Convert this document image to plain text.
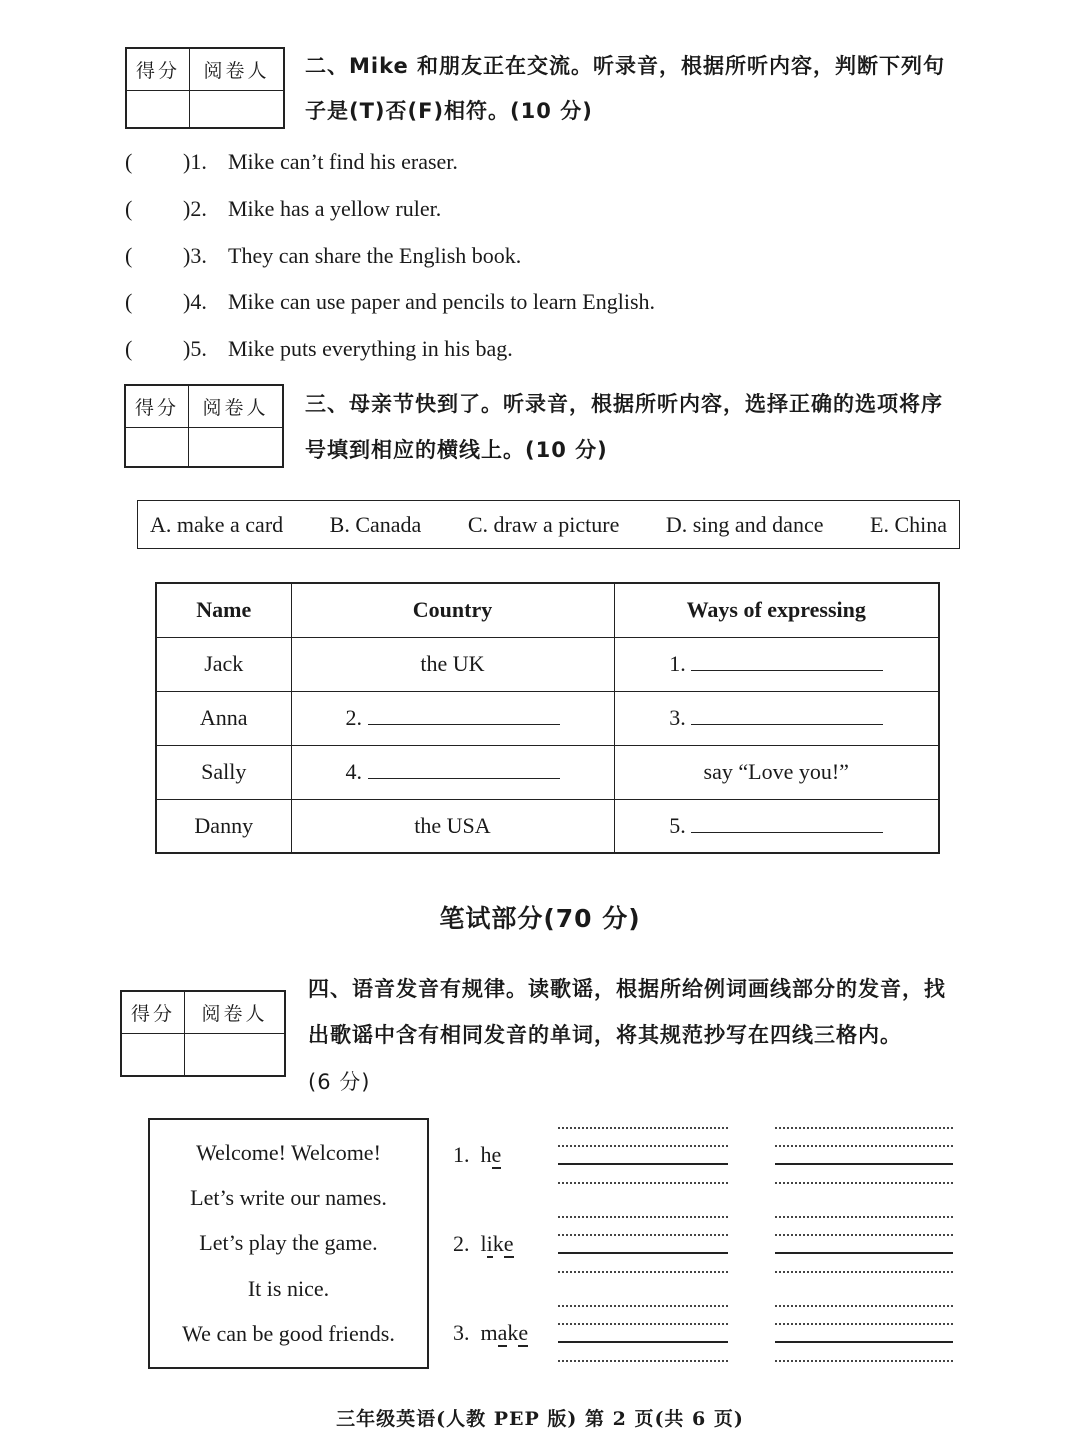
得分	阅卷人	二、Mike 和朋友正在交流。听录音，根据所听内容，判断下列句
子是(T)否(F)相符。(10 分)
( )1. Mike can’t find his eraser.
( )2. Mike has a yellow ruler.
( )3. They can share the English book.
( )4. Mike can use paper and pencils to learn English.
( )5. Mike puts everything in his bag.
得分	阅卷人	三、母亲节快到了。听录音，根据所听内容，选择正确的选项将序
号填到相应的横线上。(10 分)
A. make a card B. Canada C. draw a picture D. sing and dance E. China
Name	Country	Ways of expressing
Jack	the UK	1.
Anna	2.	3.
Sally	4.	say “Love you!”
Danny	the USA	5.
笔试部分(70 分)
得分	阅卷人
四、语音发音有规律。读歌谣，根据所给例词画线部分的发音，找
出歌谣中含有相同发音的单词，将其规范抄写在四线三格内。
(6 分)
Welcome! Welcome!
Let’s write our names.
Let’s play the game.
It is nice.
We can be good friends.
1. he
2. like
3. make
三年级英语(人教 PEP 版) 第 2 页(共 6 页)
